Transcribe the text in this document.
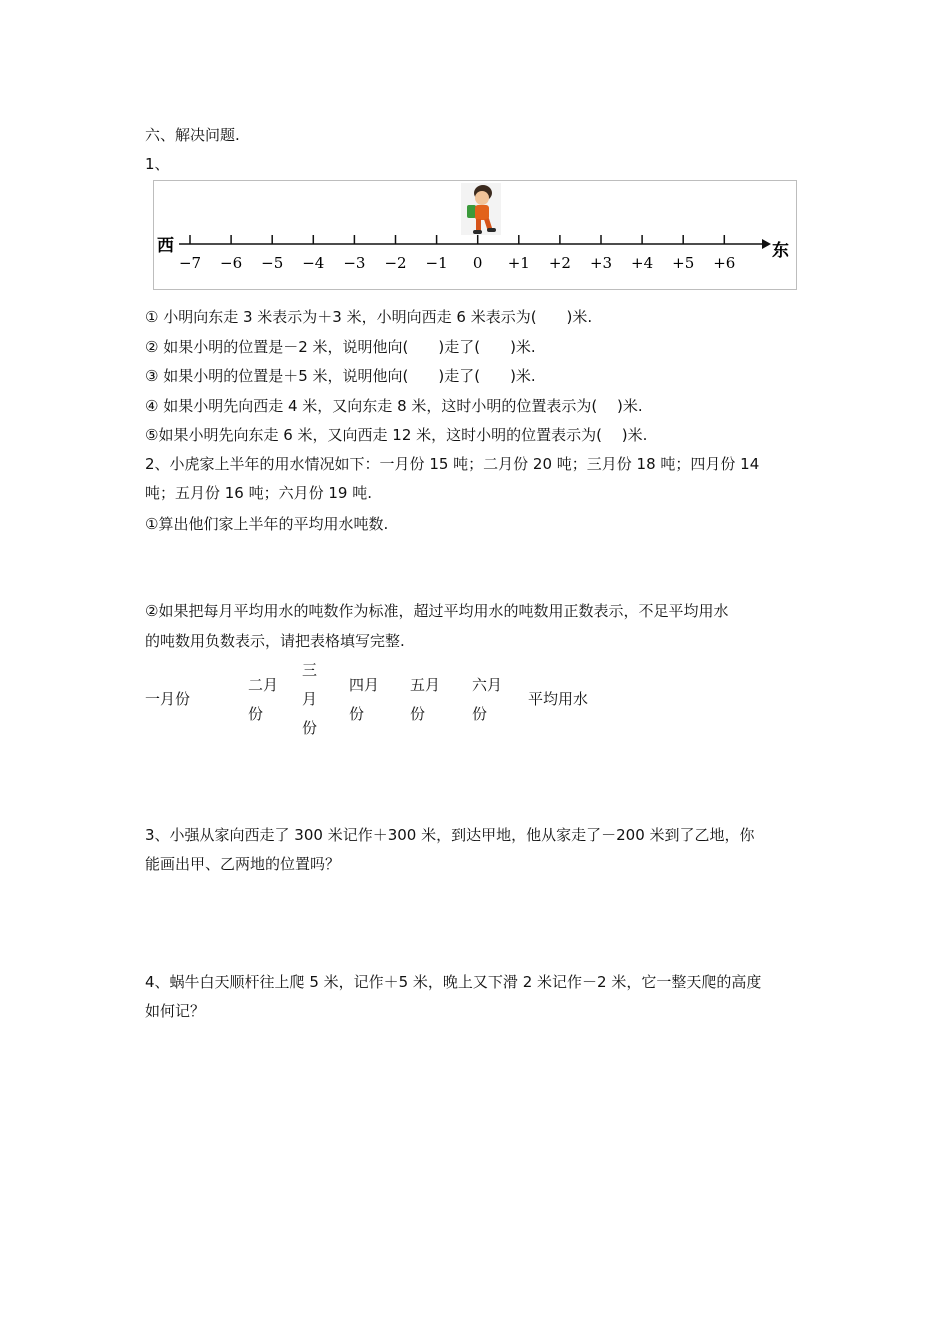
六、解决问题.
1、
−7 −6 −5 −4 −3 −2 −1 0 +1 +2 +3 +4 +5 +6
西	东
① 小明向东走 3 米表示为＋3 米，小明向西走 6 米表示为(　　)米.
② 如果小明的位置是－2 米，说明他向(　　)走了(　　)米.
③ 如果小明的位置是＋5 米，说明他向(　　)走了(　　)米.
④ 如果小明先向西走 4 米，又向东走 8 米，这时小明的位置表示为(　 )米.
⑤如果小明先向东走 6 米，又向西走 12 米，这时小明的位置表示为(　 )米.
2、小虎家上半年的用水情况如下：一月份 15 吨；二月份 20 吨；三月份 18 吨；四月份 14
吨；五月份 16 吨；六月份 19 吨.
①算出他们家上半年的平均用水吨数.
②如果把每月平均用水的吨数作为标准，超过平均用水的吨数用正数表示，不足平均用水
的吨数用负数表示，请把表格填写完整.
一月份
二月
份
三
月
份
四月
份
五月
份
六月
份
平均用水
3、小强从家向西走了 300 米记作＋300 米，到达甲地，他从家走了－200 米到了乙地，你
能画出甲、乙两地的位置吗？
4、蜗牛白天顺杆往上爬 5 米，记作＋5 米，晚上又下滑 2 米记作－2 米，它一整天爬的高度
如何记？
